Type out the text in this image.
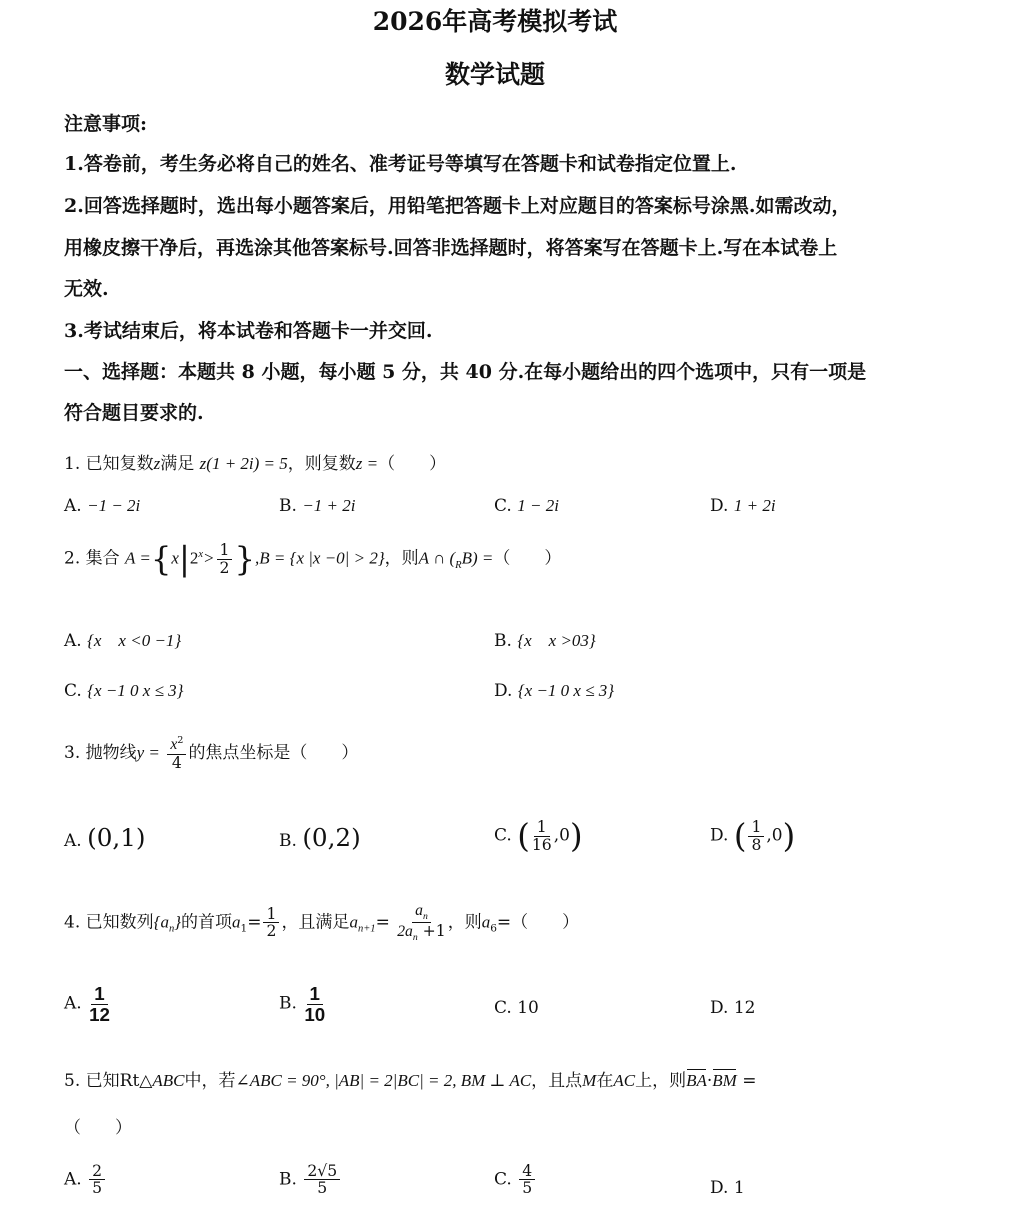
2026年高考模拟考试
数学试题
注意事项:
1.答卷前，考生务必将自己的姓名、准考证号等填写在答题卡和试卷指定位置上.
2.回答选择题时，选出每小题答案后，用铅笔把答题卡上对应题目的答案标号涂黑.如需改动，
用橡皮擦干净后，再选涂其他答案标号.回答非选择题时，将答案写在答题卡上.写在本试卷上
无效.
3.考试结束后，将本试卷和答题卡一并交回.
一、选择题：本题共 8 小题，每小题 5 分，共 40 分.在每小题给出的四个选项中，只有一项是
符合题目要求的.
1. 已知复数z满足 z(1 + 2i) = 5，则复数z =（　　）
A. −1 − 2i	B. −1 + 2i	C. 1 − 2i	D. 1 + 2i
2. 集合 $A =\{x|2^x> \frac{1}{2} \},B = \{x$ |x −0| > 2}，则A ∩ $(_RB)$ =（　　）
A. {x　x <0 −1}	B. {x　x >03}
C. {x −1 0 x ≤ 3}	D. {x −1 0 x ≤ 3}
3. 抛物线$y = \frac{x^2}{4}$ 的焦点坐标是（　　）
A. (0,1)	B. (0,2)	C. ( $\frac{1}{16} ,0$)	D. ( $\frac{1}{8} ,0$)
4. 已知数列$\{a_n\}$的首项$a_1= \frac{1}{2}$ ，且满足$a_{n+1}= \frac{a_n}{2a_n +1}$ ，则$a_6=$（　　）
A. $\frac{1}{12}$	B. $\frac{1}{10}$	C. 10	D. 12
5. 已知Rt△ABC中，若∠ABC = 90°, |AB| = 2|BC| = 2, BM ⊥ AC，且点M在AC上，则BA·BM =
（　　）
A. $\frac{2}{5}$	B. $\frac{2√5}{5}$	C. $\frac{4}{5}$	D. 1
